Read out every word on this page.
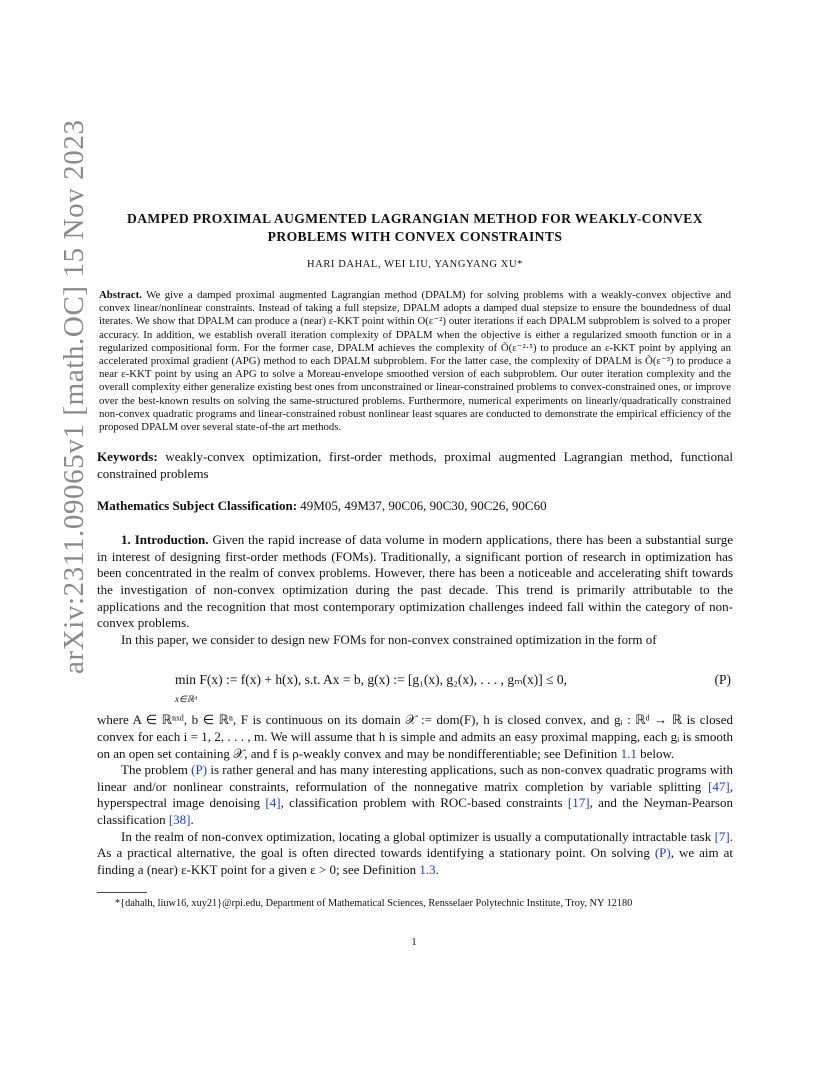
arXiv:2311.09065v1 [math.OC] 15 Nov 2023	DAMPED PROXIMAL AUGMENTED LAGRANGIAN METHOD FOR WEAKLY-CONVEX PROBLEMS WITH CONVEX CONSTRAINTS
HARI DAHAL, WEI LIU, YANGYANG XU*
Abstract. We give a damped proximal augmented Lagrangian method (DPALM) for solving problems with a weakly-convex objective and convex linear/nonlinear constraints. Instead of taking a full stepsize, DPALM adopts a damped dual stepsize to ensure the boundedness of dual iterates. We show that DPALM can produce a (near) ε-KKT point within O(ε⁻²) outer iterations if each DPALM subproblem is solved to a proper accuracy. In addition, we establish overall iteration complexity of DPALM when the objective is either a regularized smooth function or in a regularized compositional form. For the former case, DPALM achieves the complexity of Õ(ε⁻²·⁵) to produce an ε-KKT point by applying an accelerated proximal gradient (APG) method to each DPALM subproblem. For the latter case, the complexity of DPALM is Õ(ε⁻³) to produce a near ε-KKT point by using an APG to solve a Moreau-envelope smoothed version of each subproblem. Our outer iteration complexity and the overall complexity either generalize existing best ones from unconstrained or linear-constrained problems to convex-constrained ones, or improve over the best-known results on solving the same-structured problems. Furthermore, numerical experiments on linearly/quadratically constrained non-convex quadratic programs and linear-constrained robust nonlinear least squares are conducted to demonstrate the empirical efficiency of the proposed DPALM over several state-of-the art methods.
Keywords: weakly-convex optimization, first-order methods, proximal augmented Lagrangian method, functional constrained problems
Mathematics Subject Classification: 49M05, 49M37, 90C06, 90C30, 90C26, 90C60

1. Introduction. Given the rapid increase of data volume in modern applications, there has been a substantial surge in interest of designing first-order methods (FOMs). Traditionally, a significant portion of research in optimization has been concentrated in the realm of convex problems. However, there has been a noticeable and accelerating shift towards the investigation of non-convex optimization during the past decade. This trend is primarily attributable to the applications and the recognition that most contemporary optimization challenges indeed fall within the category of non-convex problems.

In this paper, we consider to design new FOMs for non-convex constrained optimization in the form of

min F(x) := f(x) + h(x), s.t. Ax = b, g(x) := [g₁(x), g₂(x), . . . , gₘ(x)] ≤ 0,
x∈ℝᵈ
(P)

where A ∈ ℝⁿˣᵈ, b ∈ ℝⁿ, F is continuous on its domain 𝒳 := dom(F), h is closed convex, and gᵢ : ℝᵈ → ℝ is closed convex for each i = 1, 2, . . . , m. We will assume that h is simple and admits an easy proximal mapping, each gᵢ is smooth on an open set containing 𝒳, and f is ρ-weakly convex and may be nondifferentiable; see Definition 1.1 below.

The problem (P) is rather general and has many interesting applications, such as non-convex quadratic programs with linear and/or nonlinear constraints, reformulation of the nonnegative matrix completion by variable splitting [47], hyperspectral image denoising [4], classification problem with ROC-based constraints [17], and the Neyman-Pearson classification [38].

In the realm of non-convex optimization, locating a global optimizer is usually a computationally intractable task [7]. As a practical alternative, the goal is often directed towards identifying a stationary point. On solving (P), we aim at finding a (near) ε-KKT point for a given ε > 0; see Definition 1.3.

*{dahalh, liuw16, xuy21}@rpi.edu, Department of Mathematical Sciences, Rensselaer Polytechnic Institute, Troy, NY 12180
1
